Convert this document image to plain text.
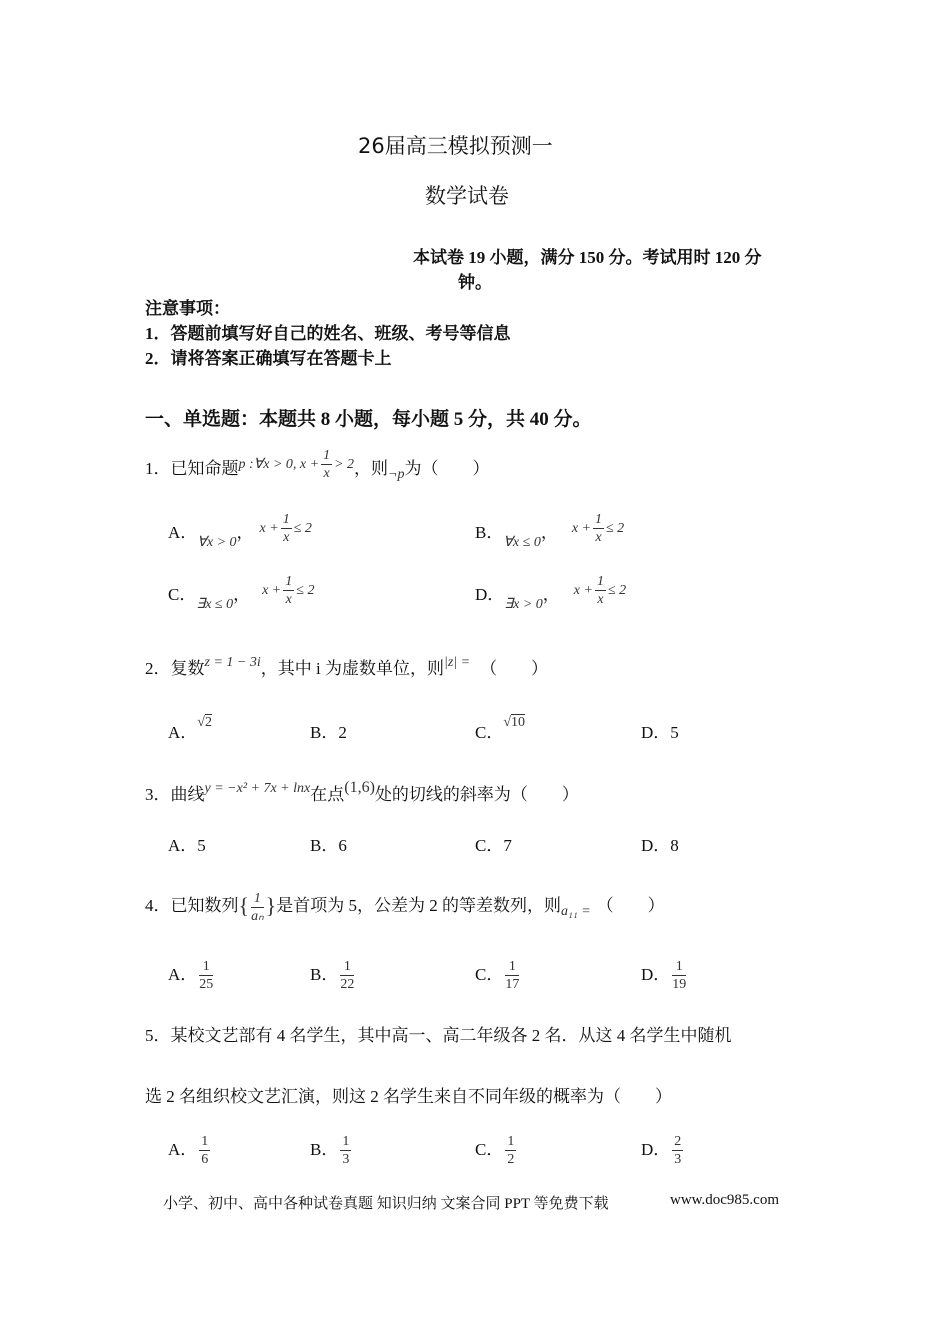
26届高三模拟预测一
数学试卷
本试卷 19 小题，满分 150 分。考试用时 120 分
钟。
注意事项：
1．答题前填写好自己的姓名、班级、考号等信息
2．请将答案正确填写在答题卡上
一、单选题：本题共 8 小题，每小题 5 分，共 40 分。
1．已知命题$^{p :\forall x > 0, x + \frac{1}{x} > 2}$，则$_{\neg p}$为（　　）
A．$_{\forall x > 0}$， $^{x + \frac{1}{x} \le 2}$	B．$_{\forall x \le 0}$， $^{x + \frac{1}{x} \le 2}$
C．$_{\exists x \le 0}$， $^{x + \frac{1}{x} \le 2}$	D．$_{\exists x > 0}$， $^{x + \frac{1}{x} \le 2}$
2．复数$^{z = 1 - 3i}$，其中 i 为虚数单位，则$^{|z| =}$ （　　）
A．$^{√2}$
B．2	C．$^{√10}$
D．5
3．曲线$^{y = -x^2 + 7x + lnx}$在点(1,6)处的切线的斜率为（　　）
A．5	B．6	C．7	D．8
4．已知数列{ $\frac{1}{\text{aₙ}}$ }是首项为 5，公差为 2 的等差数列，则$_{a_{11} =}$ （　　）
A． $\frac{1}{25}$	B． $\frac{1}{22}$	C． $\frac{1}{17}$	D． $\frac{1}{19}$
5．某校文艺部有 4 名学生，其中高一、高二年级各 2 名．从这 4 名学生中随机
选 2 名组织校文艺汇演，则这 2 名学生来自不同年级的概率为（　　）
A． $\frac{1}{6}$	B． $\frac{1}{3}$	C． $\frac{1}{2}$	D． $\frac{2}{3}$
小学、初中、高中各种试卷真题 知识归纳 文案合同 PPT 等免费下载	www.doc985.com
